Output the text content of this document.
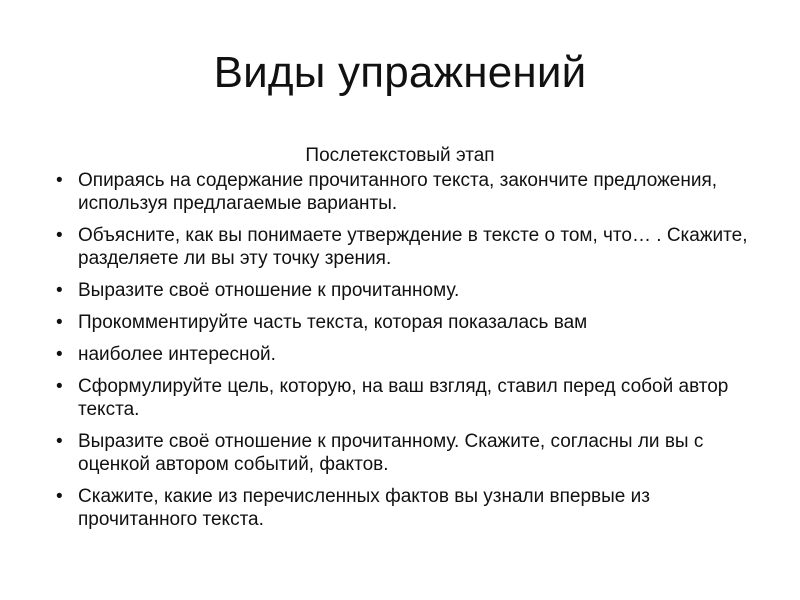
Виды упражнений

Послетекстовый этап

• Опираясь на содержание прочитанного текста, закончите предложения, используя предлагаемые варианты.
• Объясните, как вы понимаете утверждение в тексте о том, что… . Скажите, разделяете ли вы эту точку зрения.
• Выразите своё отношение к прочитанному.
• Прокомментируйте часть текста, которая показалась вам
• наиболее интересной.
• Сформулируйте цель, которую, на ваш взгляд, ставил перед собой автор текста.
• Выразите своё отношение к прочитанному. Скажите, согласны ли вы с оценкой автором событий, фактов.
• Скажите, какие из перечисленных фактов вы узнали впервые из прочитанного текста.
